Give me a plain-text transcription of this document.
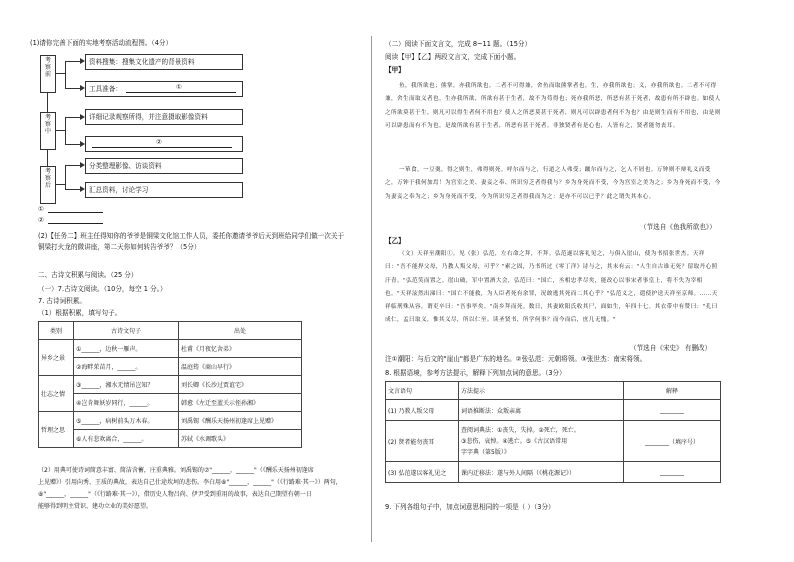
(1)请你完善下面的实地考察活动流程图。（4分）
考察前
考察中
考察后
资料搜集：搜集文化遗产的背景资料
工具准备：	①
详细记录观察所得，并注意摄取影像资料
②
分类整理影像、访谈资料
汇总资料，讨论学习
①
②
(2)【任务二】班主任得知你的爷爷是铜梁文化馆工作人员，委托你邀请爷爷后天到班给同学们做一次关于
铜梁打火龙的微讲座，第二天你如何转告爷爷？（5分）
二、古诗文积累与阅读。（25 分）
（一）7.古诗文阅读。（10分，每空 1 分。）
7. 古诗词积累。
（1）根据积累，填写句子。
类别	古诗文句子	出处
异乡之景	①______，边秋一雁声。	杜甫《月夜忆舍弟》
	②海畔茱苗月，______。	温庭筠《商山早行》
壮志之情	③______，湘水无情吊岂知？	刘长卿《长沙过贾谊宅》
	④岂肯舞妖岁同行，______。	韩愈《左迁至蓝关示侄孙湘》
哲理之思	⑤______，病树前头万木春。	刘禹锡《酬乐天扬州初逢席上见赠》
	⑥人有悲欢离合，______。	苏轼《水调歌头》
（2）用典可使诗词简意丰富、简洁含蓄，庄重典雅。刘禹锡的⑦"______，______"（《酬乐天扬州初逢席
上见赠》）引用向秀、王质的典故，表达自己仕途坎坷的悲伤。李白用⑧"______，______"（《行路难·其一》）两句，
⑧"______，______"（《行路难·其一》），借历史人物吕尚、伊尹受到重用的故事，表达自己期望有朝一日
能够得到明主赏识、建功立业的美好愿望。
（二）阅读下面文言文，完成 8~11 题。（15分）
阅读【甲】【乙】两段文言文，完成下面小题。
【甲】
鱼，我所欲也；熊掌，亦我所欲也。二者不可得兼，舍鱼而取熊掌者也。生，亦我所欲也；义，亦我所欲也。二者不可得兼，舍生而取义者也。生亦我所欲，所欲有甚于生者，故不为苟得也；死亦我所恶，所恶有甚于死者，故患有所不辟也。如使人之所欲莫甚于生，则凡可以得生者何不用也？使人之所恶莫甚于死者，则凡可以辟患者何不为也？由是则生而有不用也，由是则可以辟患而有不为也。是故所欲有甚于生者，所恶有甚于死者。非独贤者有是心也，人皆有之，贤者能勿丧耳。
一箪食，一豆羹，得之则生，弗得则死。呼尔而与之，行道之人弗受；蹴尔而与之，乞人不屑也。万钟则不辩礼义而受之，万钟于我何加焉！为宫室之美、妻妾之奉、所识穷乏者得我与？乡为身死而不受，今为宫室之美为之；乡为身死而不受，今为妻妾之奉为之；乡为身死而不受，今为所识穷乏者得我而为之：是亦不可以已乎？此之谓失其本心。
（节选自《鱼我所欲也》）
【乙】
（文）天祥至潮阳①，见（张）弘范，左右命之拜，不拜。弘范遂以客礼见之，与俱入崖山，使为书招张世杰。天祥曰："吾不能捍父母，乃教人叛父母，可乎？"索之固，乃书所过《零丁洋》诗与之，其末有云："人生自古谁无死？留取丹心照汗青。"弘范笑而置之。崖山破，军中置酒大会，弘范曰："国亡，丞相忠孝尽矣，能改心以事宋者事皇上，将不失为宰相也。"天祥泫然出涕曰："国亡不能救，为人臣者死有余罪，况敢逃其死而二其心乎？"弘范义之，遣使护送天祥至京师。……天祥临刑殊从容，谓吏卒曰："吾事毕矣。"南乡拜而死。数日，其妻欧阳氏收其尸，面如生，年四十七。其衣带中有赞曰："孔曰成仁，孟曰取义，惟其义尽，所以仁至。读圣贤书，所学何事？而今而后，庶几无愧。"
（节选自《宋史》 有删改）
注①潮阳：与后文的"崖山"都是广东的地名。②张弘范：元朝将领。③张世杰：南宋将领。
8. 根据语境，参考方法提示，解释下列加点词的意思。（3分）
文言语句	方法提示	解释
(1) 乃教人叛父母	词语推断法：众叛亲离	________
(2) 贤者能勿丧耳	查阅词典法：①丧失，失掉。②死亡，死亡。
③悲伤，哀悼。④逃亡。⑤《古汉语常用
字字典（第5版）》	________（填序号）
(3) 弘范遂以客礼见之	课内迁移法：遂与外人间隔（《桃花源记》）	________
9. 下列各组句子中，加点词意思相同的一项是（ ）（3分）
